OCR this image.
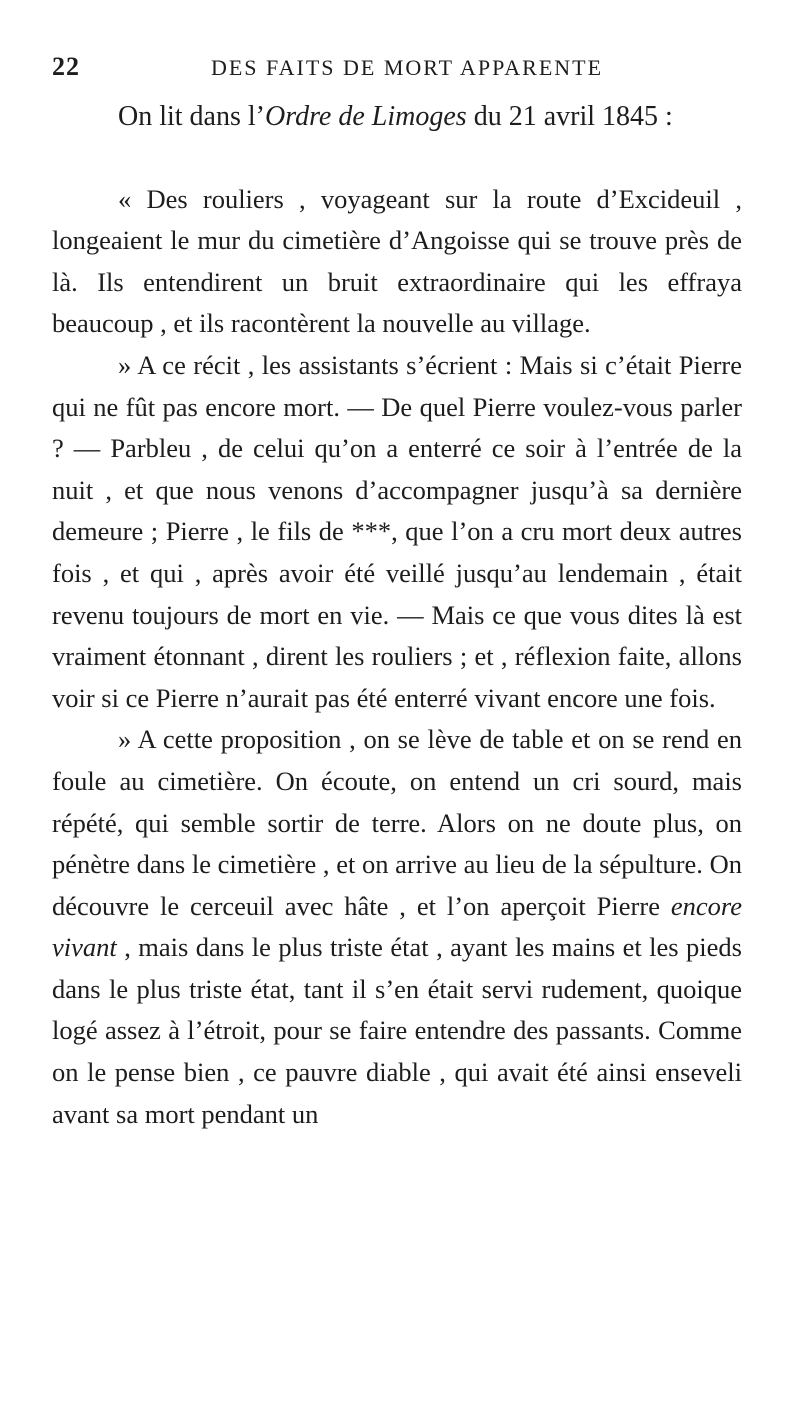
22	DES FAITS DE MORT APPARENTE

On lit dans l’Ordre de Limoges du 21 avril 1845 :

« Des rouliers , voyageant sur la route d’Excideuil , longeaient le mur du cimetière d’Angoisse qui se trouve près de là. Ils entendirent un bruit extraordinaire qui les effraya beaucoup , et ils racontèrent la nouvelle au village.

» A ce récit , les assistants s’écrient : Mais si c’était Pierre qui ne fût pas encore mort. — De quel Pierre voulez-vous parler ? — Parbleu , de celui qu’on a enterré ce soir à l’entrée de la nuit , et que nous venons d’accompagner jusqu’à sa dernière demeure ; Pierre , le fils de ***, que l’on a cru mort deux autres fois , et qui , après avoir été veillé jusqu’au lendemain , était revenu toujours de mort en vie. — Mais ce que vous dites là est vraiment étonnant , dirent les rouliers ; et , réflexion faite, allons voir si ce Pierre n’aurait pas été enterré vivant encore une fois.

» A cette proposition , on se lève de table et on se rend en foule au cimetière. On écoute, on entend un cri sourd, mais répété, qui semble sortir de terre. Alors on ne doute plus, on pénètre dans le cimetière , et on arrive au lieu de la sépulture. On découvre le cerceuil avec hâte , et l’on aperçoit Pierre encore vivant , mais dans le plus triste état , ayant les mains et les pieds dans le plus triste état, tant il s’en était servi rudement, quoique logé assez à l’étroit, pour se faire entendre des passants. Comme on le pense bien , ce pauvre diable , qui avait été ainsi enseveli avant sa mort pendant un
